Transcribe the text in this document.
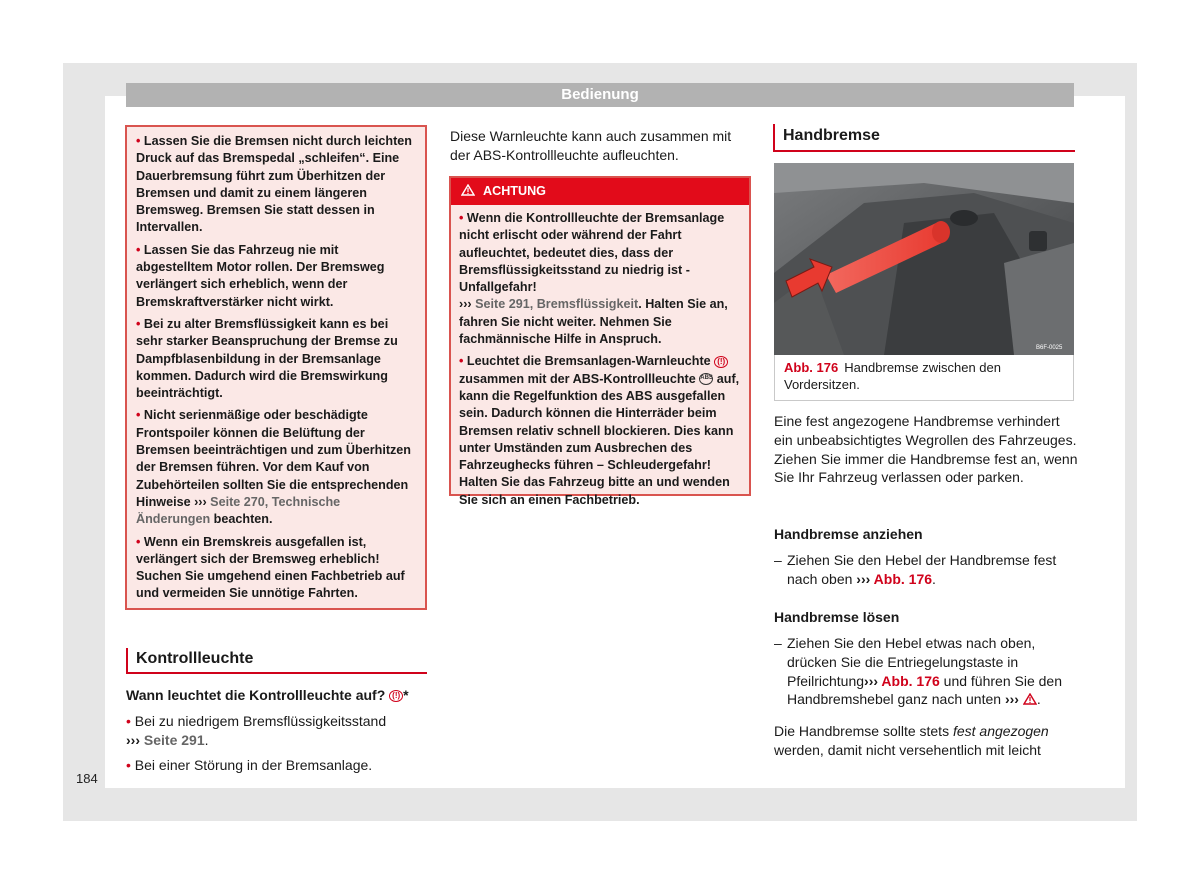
Bedienung

• Lassen Sie die Bremsen nicht durch leichten Druck auf das Bremspedal „schleifen“. Eine Dauerbremsung führt zum Überhitzen der Bremsen und damit zu einem längeren Bremsweg. Bremsen Sie statt dessen in Intervallen.

• Lassen Sie das Fahrzeug nie mit abgestelltem Motor rollen. Der Bremsweg verlängert sich erheblich, wenn der Bremskraftverstärker nicht wirkt.

• Bei zu alter Bremsflüssigkeit kann es bei sehr starker Beanspruchung der Bremse zu Dampfblasenbildung in der Bremsanlage kommen. Dadurch wird die Bremswirkung beeinträchtigt.

• Nicht serienmäßige oder beschädigte Frontspoiler können die Belüftung der Bremsen beeinträchtigen und zum Überhitzen der Bremsen führen. Vor dem Kauf von Zubehörteilen sollten Sie die entsprechenden Hinweise ››› Seite 270, Technische Änderungen beachten.

• Wenn ein Bremskreis ausgefallen ist, verlängert sich der Bremsweg erheblich! Suchen Sie umgehend einen Fachbetrieb auf und vermeiden Sie unnötige Fahrten.

Kontrollleuchte
Wann leuchtet die Kontrollleuchte auf? (!) *
• Bei zu niedrigem Bremsflüssigkeitsstand
››› Seite 291.
• Bei einer Störung in der Bremsanlage.
184
Diese Warnleuchte kann auch zusammen mit der ABS-Kontrollleuchte aufleuchten.
ACHTUNG

• Wenn die Kontrollleuchte der Bremsanlage nicht erlischt oder während der Fahrt aufleuchtet, bedeutet dies, dass der Bremsflüssigkeitsstand zu niedrig ist - Unfallgefahr!
››› Seite 291, Bremsflüssigkeit. Halten Sie an, fahren Sie nicht weiter. Nehmen Sie fachmännische Hilfe in Anspruch.

• Leuchtet die Bremsanlagen-Warnleuchte (!) zusammen mit der ABS-Kontrollleuchte ABS auf, kann die Regelfunktion des ABS ausgefallen sein. Dadurch können die Hinterräder beim Bremsen relativ schnell blockieren. Dies kann unter Umständen zum Ausbrechen des Fahrzeughecks führen – Schleudergefahr! Halten Sie das Fahrzeug bitte an und wenden Sie sich an einen Fachbetrieb.

Handbremse
B6F-0025
Abb. 176 Handbremse zwischen den Vordersitzen.
Eine fest angezogene Handbremse verhindert ein unbeabsichtigtes Wegrollen des Fahrzeuges. Ziehen Sie immer die Handbremse fest an, wenn Sie Ihr Fahrzeug verlassen oder parken.
Handbremse anziehen
– Ziehen Sie den Hebel der Handbremse fest nach oben ››› Abb. 176.
Handbremse lösen
– Ziehen Sie den Hebel etwas nach oben, drücken Sie die Entriegelungstaste in Pfeilrichtung››› Abb. 176 und führen Sie den Handbremshebel ganz nach unten ››› .
Die Handbremse sollte stets fest angezogen werden, damit nicht versehentlich mit leicht
